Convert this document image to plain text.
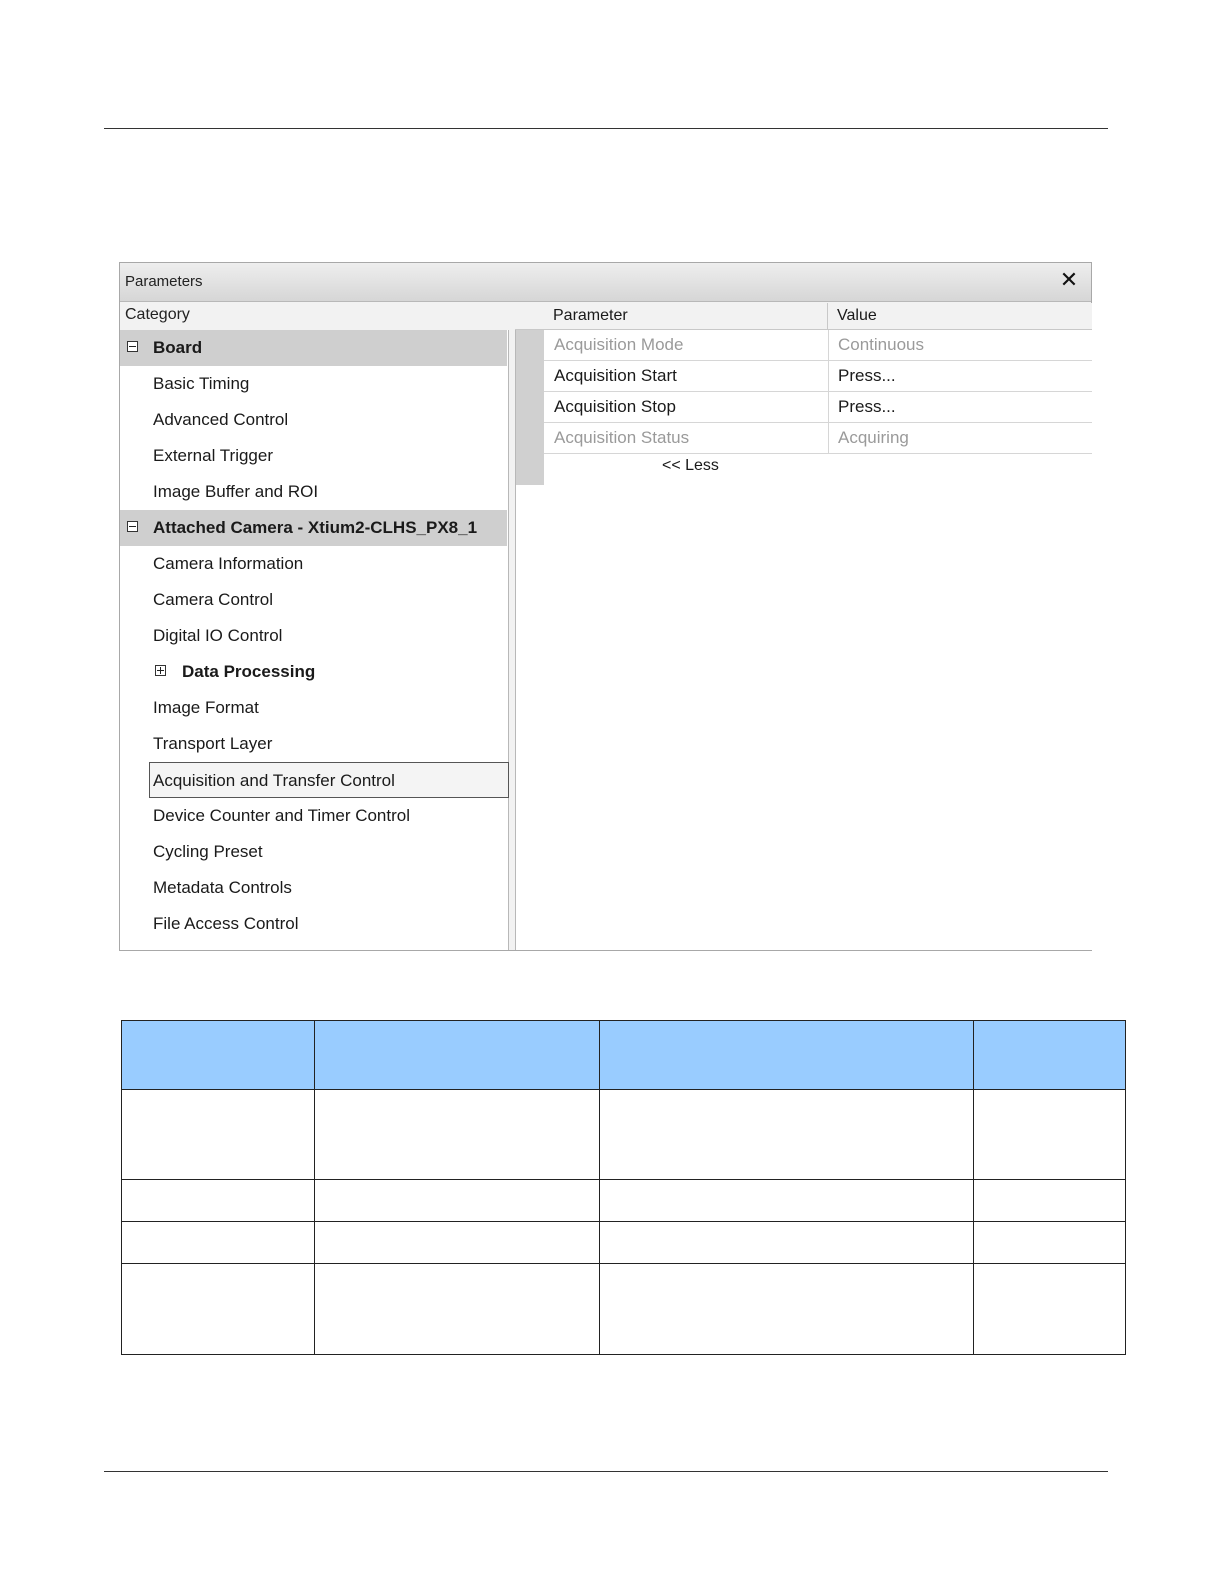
Parameters	✕
Category
Board
Basic Timing
Advanced Control
External Trigger
Image Buffer and ROI
Attached Camera - Xtium2-CLHS_PX8_1
Camera Information
Camera Control
Digital IO Control
Data Processing
Image Format
Transport Layer
Acquisition and Transfer Control
Device Counter and Timer Control
Cycling Preset
Metadata Controls
File Access Control
Parameter	Value
Acquisition Mode	Continuous
Acquisition Start	Press...
Acquisition Stop	Press...
Acquisition Status	Acquiring
<< Less
